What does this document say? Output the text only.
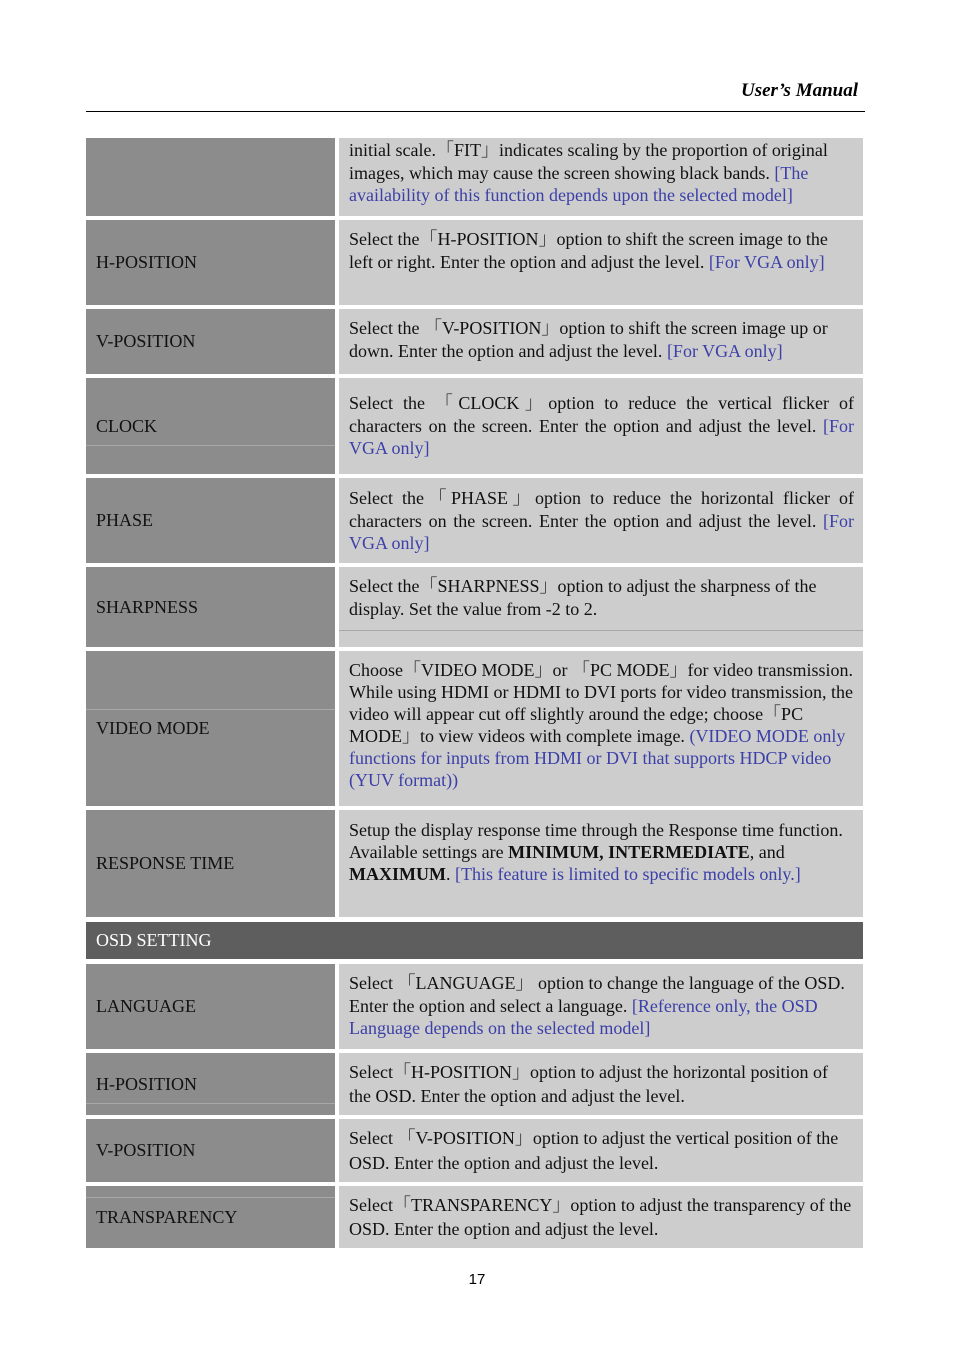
User’s Manual
initial scale.「FIT」indicates scaling by the proportion of original images, which may cause the screen showing black bands. [The availability of this function depends upon the selected model]
H-POSITION
Select the「H-POSITION」option to shift the screen image to the left or right. Enter the option and adjust the level. [For VGA only]
V-POSITION
Select the 「V-POSITION」option to shift the screen image up or down. Enter the option and adjust the level. [For VGA only]
CLOCK
Select the 「CLOCK」option to reduce the vertical flicker of characters on the screen. Enter the option and adjust the level. [For VGA only]
PHASE
Select the「PHASE」option to reduce the horizontal flicker of characters on the screen. Enter the option and adjust the level. [For VGA only]
SHARPNESS
Select the「SHARPNESS」option to adjust the sharpness of the display. Set the value from -2 to 2.
VIDEO MODE
Choose「VIDEO MODE」or 「PC MODE」for video transmission. While using HDMI or HDMI to DVI ports for video transmission, the video will appear cut off slightly around the edge; choose「PC MODE」to view videos with complete image. (VIDEO MODE only functions for inputs from HDMI or DVI that supports HDCP video (YUV format))
RESPONSE TIME
Setup the display response time through the Response time function. Available settings are MINIMUM, INTERMEDIATE, and MAXIMUM. [This feature is limited to specific models only.]
OSD SETTING
LANGUAGE
Select 「LANGUAGE」 option to change the language of the OSD. Enter the option and select a language. [Reference only, the OSD Language depends on the selected model]
H-POSITION
Select「H-POSITION」option to adjust the horizontal position of the OSD. Enter the option and adjust the level.
V-POSITION
Select 「V-POSITION」option to adjust the vertical position of the OSD. Enter the option and adjust the level.
TRANSPARENCY
Select「TRANSPARENCY」option to adjust the transparency of the OSD. Enter the option and adjust the level.
17
